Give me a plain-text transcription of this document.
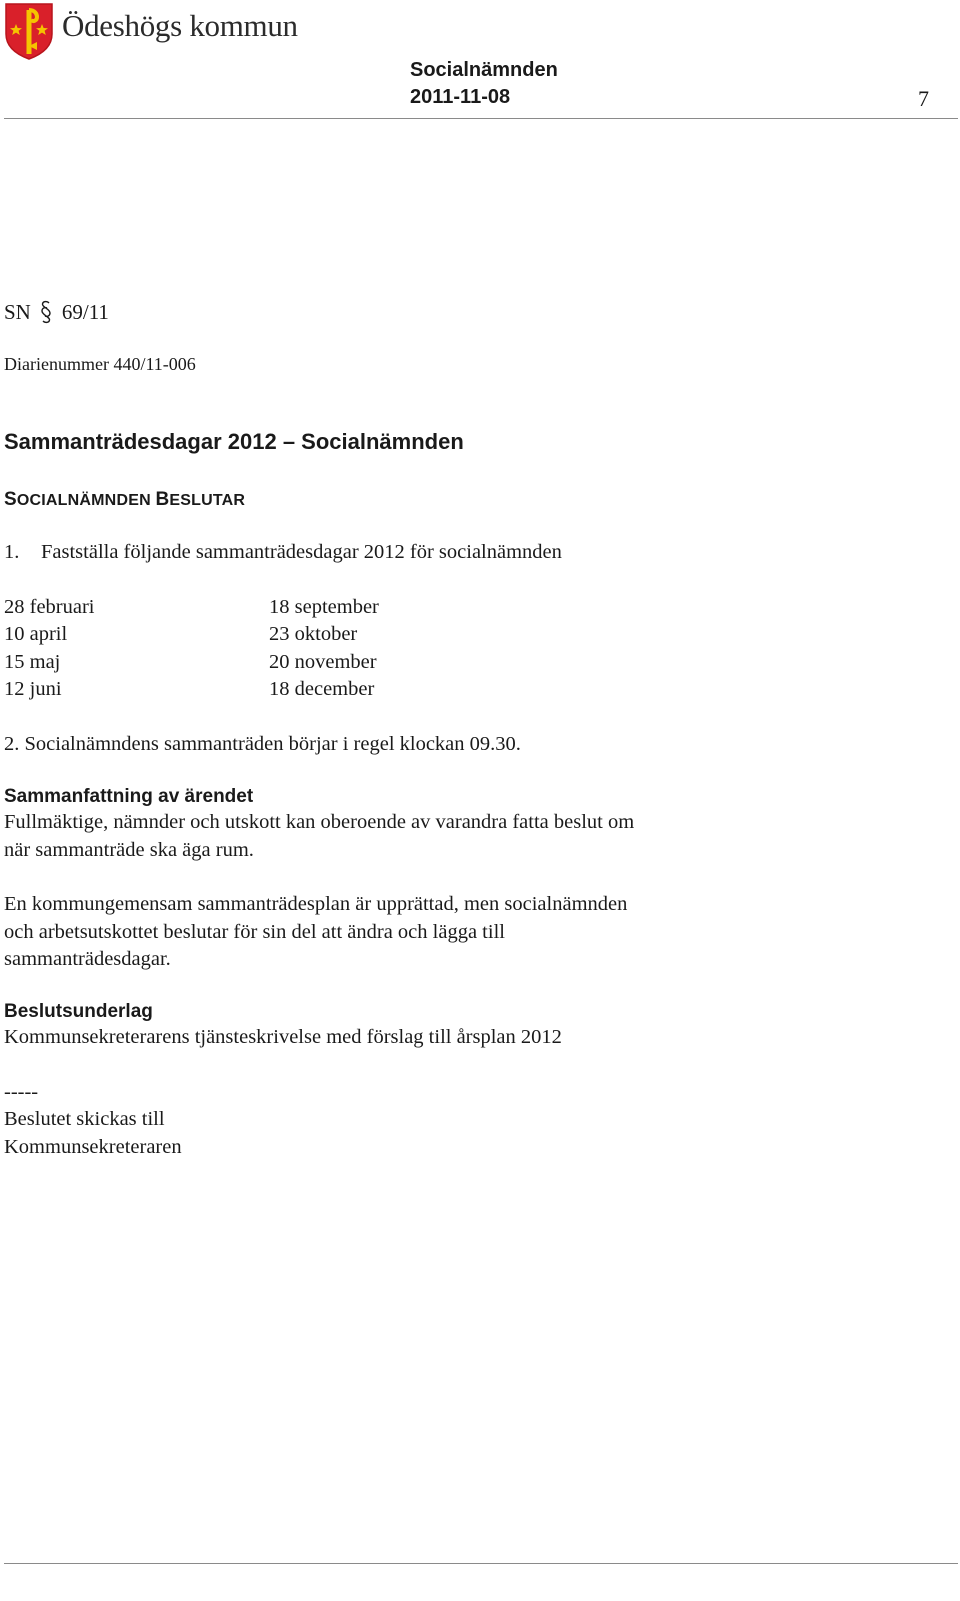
Ödeshögs kommun
Socialnämnden
2011-11-08	7
SN 69/11
Diarienummer 440/11-006
Sammanträdesdagar 2012 – Socialnämnden
SOCIALNÄMNDEN BESLUTAR
1. Fastställa följande sammanträdesdagar 2012 för socialnämnden
28 februari
10 april
15 maj
12 juni
18 september
23 oktober
20 november
18 december
2. Socialnämndens sammanträden börjar i regel klockan 09.30.
Sammanfattning av ärendet
Fullmäktige, nämnder och utskott kan oberoende av varandra fatta beslut om
när sammanträde ska äga rum.
En kommungemensam sammanträdesplan är upprättad, men socialnämnden
och arbetsutskottet beslutar för sin del att ändra och lägga till
sammanträdesdagar.
Beslutsunderlag
Kommunsekreterarens tjänsteskrivelse med förslag till årsplan 2012
-----
Beslutet skickas till
Kommunsekreteraren
